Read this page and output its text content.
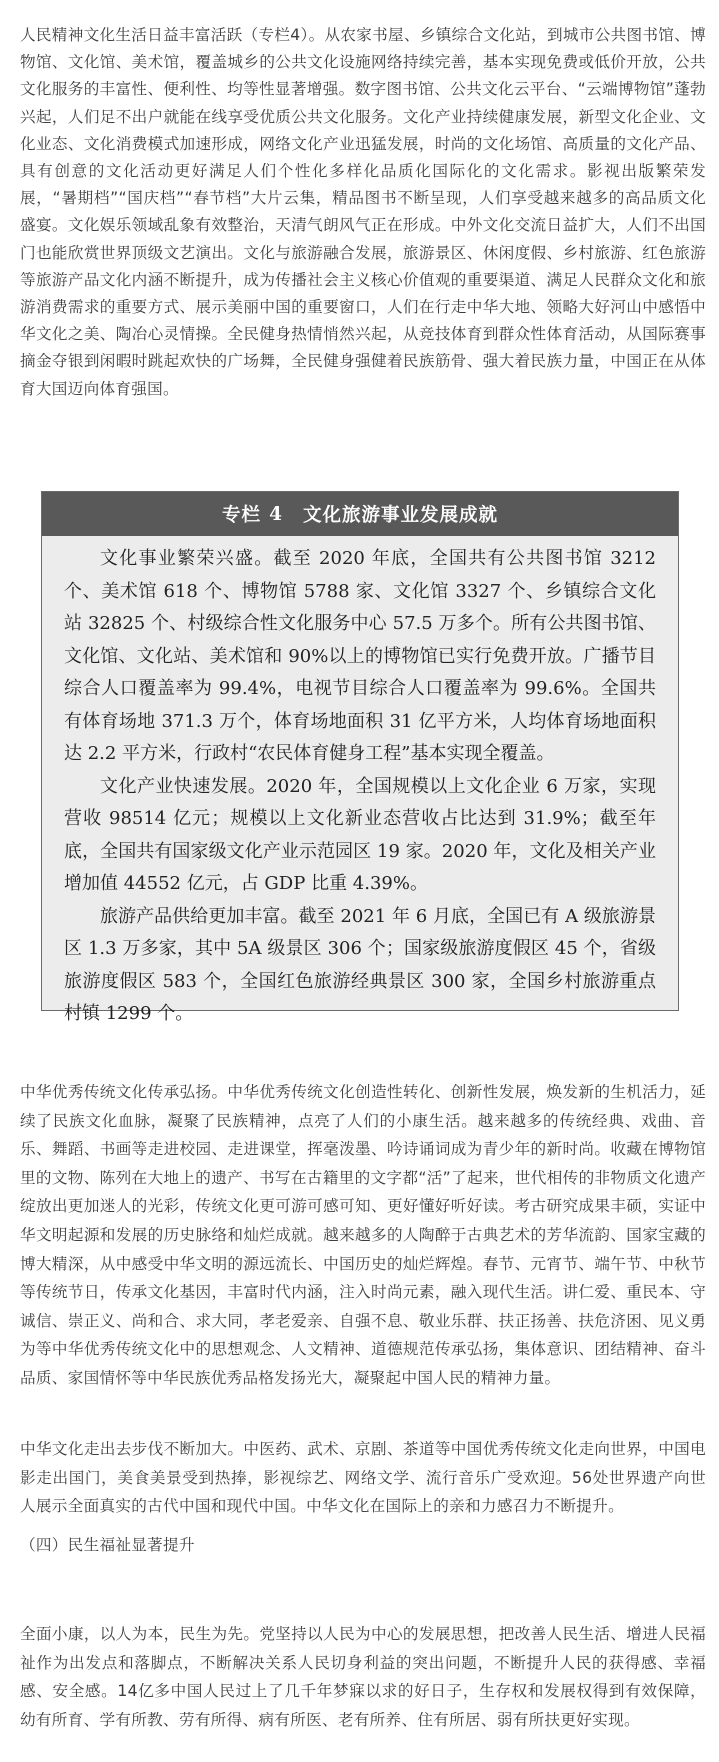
人民精神文化生活日益丰富活跃（专栏4）。从农家书屋、乡镇综合文化站，到城市公共图书馆、博物馆、文化馆、美术馆，覆盖城乡的公共文化设施网络持续完善，基本实现免费或低价开放，公共文化服务的丰富性、便利性、均等性显著增强。数字图书馆、公共文化云平台、“云端博物馆”蓬勃兴起，人们足不出户就能在线享受优质公共文化服务。文化产业持续健康发展，新型文化企业、文化业态、文化消费模式加速形成，网络文化产业迅猛发展，时尚的文化场馆、高质量的文化产品、具有创意的文化活动更好满足人们个性化多样化品质化国际化的文化需求。影视出版繁荣发展，“暑期档”“国庆档”“春节档”大片云集，精品图书不断呈现，人们享受越来越多的高品质文化盛宴。文化娱乐领域乱象有效整治，天清气朗风气正在形成。中外文化交流日益扩大，人们不出国门也能欣赏世界顶级文艺演出。文化与旅游融合发展，旅游景区、休闲度假、乡村旅游、红色旅游等旅游产品文化内涵不断提升，成为传播社会主义核心价值观的重要渠道、满足人民群众文化和旅游消费需求的重要方式、展示美丽中国的重要窗口，人们在行走中华大地、领略大好河山中感悟中华文化之美、陶冶心灵情操。全民健身热情悄然兴起，从竞技体育到群众性体育活动，从国际赛事摘金夺银到闲暇时跳起欢快的广场舞，全民健身强健着民族筋骨、强大着民族力量，中国正在从体育大国迈向体育强国。

专栏 4 文化旅游事业发展成就

文化事业繁荣兴盛。截至 2020 年底，全国共有公共图书馆 3212 个、美术馆 618 个、博物馆 5788 家、文化馆 3327 个、乡镇综合文化站 32825 个、村级综合性文化服务中心 57.5 万多个。所有公共图书馆、文化馆、文化站、美术馆和 90%以上的博物馆已实行免费开放。广播节目综合人口覆盖率为 99.4%，电视节目综合人口覆盖率为 99.6%。全国共有体育场地 371.3 万个，体育场地面积 31 亿平方米，人均体育场地面积达 2.2 平方米，行政村“农民体育健身工程”基本实现全覆盖。

文化产业快速发展。2020 年，全国规模以上文化企业 6 万家，实现营收 98514 亿元；规模以上文化新业态营收占比达到 31.9%；截至年底，全国共有国家级文化产业示范园区 19 家。2020 年，文化及相关产业增加值 44552 亿元，占 GDP 比重 4.39%。

旅游产品供给更加丰富。截至 2021 年 6 月底，全国已有 A 级旅游景区 1.3 万多家，其中 5A 级景区 306 个；国家级旅游度假区 45 个，省级旅游度假区 583 个，全国红色旅游经典景区 300 家，全国乡村旅游重点村镇 1299 个。

中华优秀传统文化传承弘扬。中华优秀传统文化创造性转化、创新性发展，焕发新的生机活力，延续了民族文化血脉，凝聚了民族精神，点亮了人们的小康生活。越来越多的传统经典、戏曲、音乐、舞蹈、书画等走进校园、走进课堂，挥毫泼墨、吟诗诵词成为青少年的新时尚。收藏在博物馆里的文物、陈列在大地上的遗产、书写在古籍里的文字都“活”了起来，世代相传的非物质文化遗产绽放出更加迷人的光彩，传统文化更可游可感可知、更好懂好听好读。考古研究成果丰硕，实证中华文明起源和发展的历史脉络和灿烂成就。越来越多的人陶醉于古典艺术的芳华流韵、国家宝藏的博大精深，从中感受中华文明的源远流长、中国历史的灿烂辉煌。春节、元宵节、端午节、中秋节等传统节日，传承文化基因，丰富时代内涵，注入时尚元素，融入现代生活。讲仁爱、重民本、守诚信、崇正义、尚和合、求大同，孝老爱亲、自强不息、敬业乐群、扶正扬善、扶危济困、见义勇为等中华优秀传统文化中的思想观念、人文精神、道德规范传承弘扬，集体意识、团结精神、奋斗品质、家国情怀等中华民族优秀品格发扬光大，凝聚起中国人民的精神力量。

中华文化走出去步伐不断加大。中医药、武术、京剧、茶道等中国优秀传统文化走向世界，中国电影走出国门，美食美景受到热捧，影视综艺、网络文学、流行音乐广受欢迎。56处世界遗产向世人展示全面真实的古代中国和现代中国。中华文化在国际上的亲和力感召力不断提升。

（四）民生福祉显著提升

全面小康，以人为本，民生为先。党坚持以人民为中心的发展思想，把改善人民生活、增进人民福祉作为出发点和落脚点，不断解决关系人民切身利益的突出问题，不断提升人民的获得感、幸福感、安全感。14亿多中国人民过上了几千年梦寐以求的好日子，生存权和发展权得到有效保障，幼有所育、学有所教、劳有所得、病有所医、老有所养、住有所居、弱有所扶更好实现。
